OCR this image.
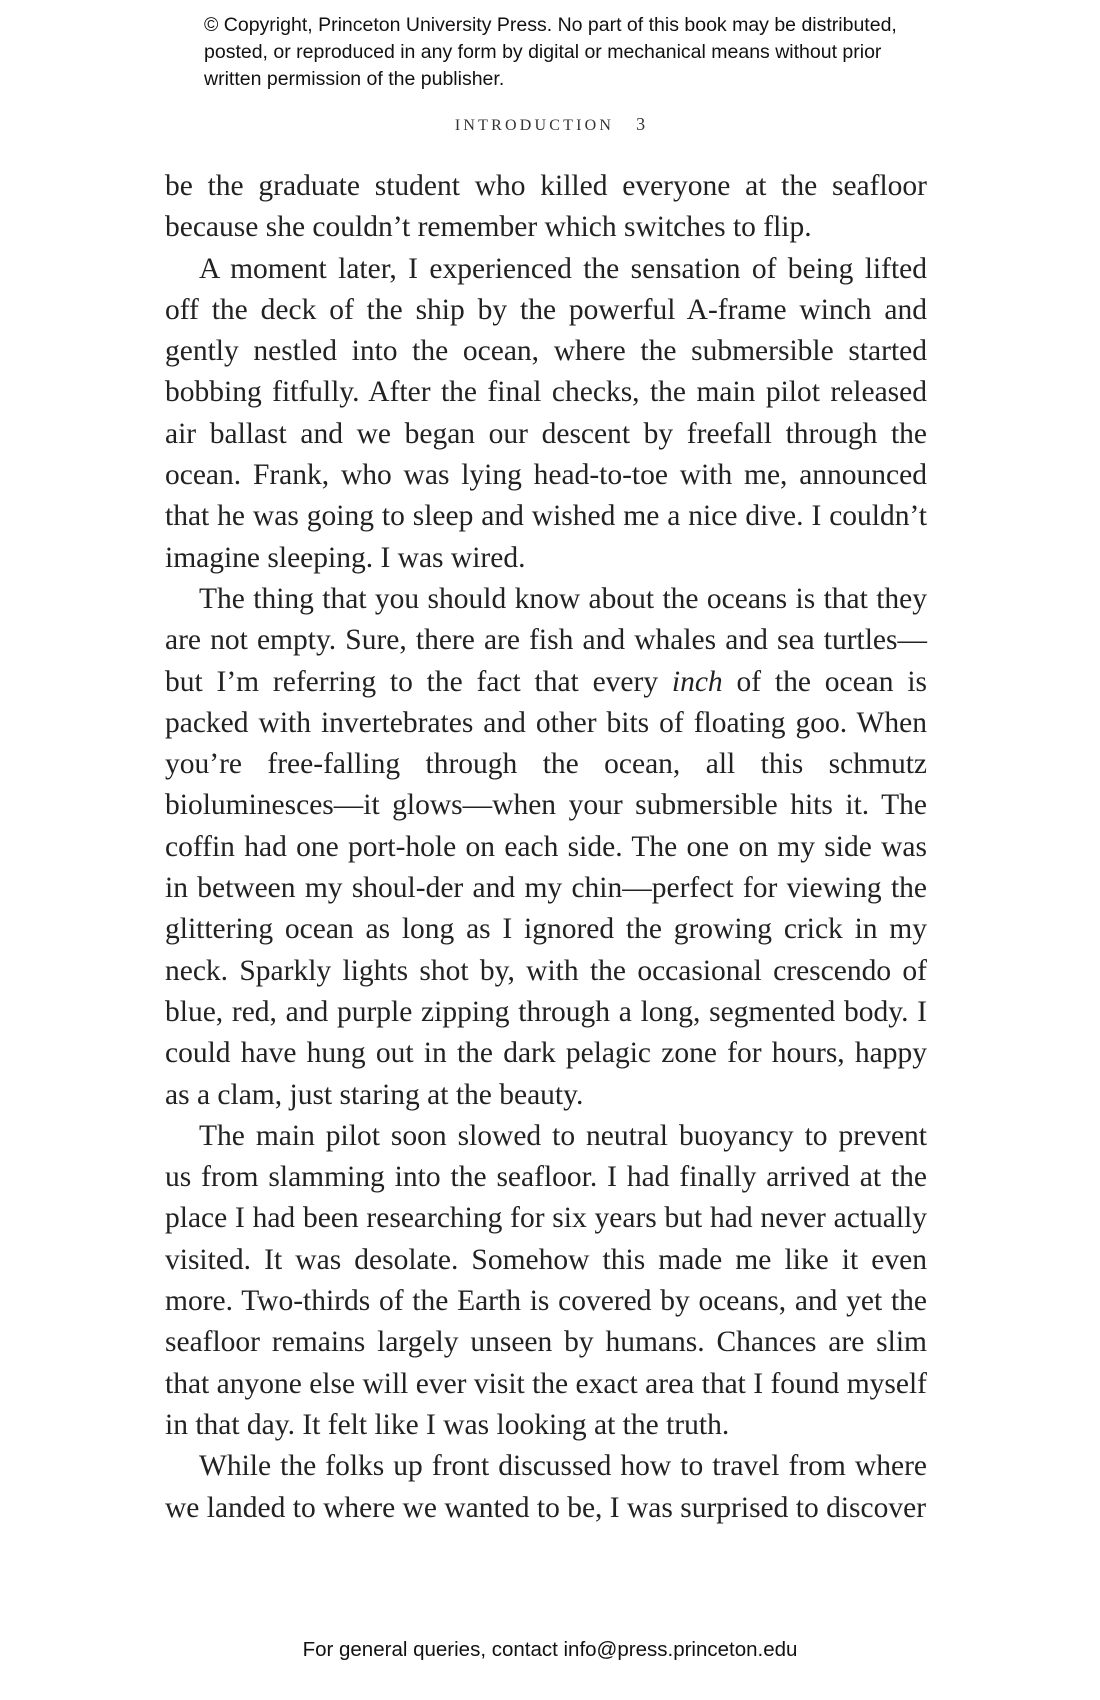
© Copyright, Princeton University Press. No part of this book may be distributed, posted, or reproduced in any form by digital or mechanical means without prior written permission of the publisher.
INTRODUCTION 3

be the graduate student who killed everyone at the seafloor because she couldn’t remember which switches to flip.

A moment later, I experienced the sensation of being lifted off the deck of the ship by the powerful A-frame winch and gently nestled into the ocean, where the submersible started bobbing fitfully. After the final checks, the main pilot released air ballast and we began our descent by freefall through the ocean. Frank, who was lying head-to-toe with me, announced that he was going to sleep and wished me a nice dive. I couldn’t imagine sleeping. I was wired.

The thing that you should know about the oceans is that they are not empty. Sure, there are fish and whales and sea turtles—but I’m referring to the fact that every inch of the ocean is packed with invertebrates and other bits of floating goo. When you’re free-falling through the ocean, all this schmutz bioluminesces—it glows—when your submersible hits it. The coffin had one port-hole on each side. The one on my side was in between my shoul-der and my chin—perfect for viewing the glittering ocean as long as I ignored the growing crick in my neck. Sparkly lights shot by, with the occasional crescendo of blue, red, and purple zipping through a long, segmented body. I could have hung out in the dark pelagic zone for hours, happy as a clam, just staring at the beauty.

The main pilot soon slowed to neutral buoyancy to prevent us from slamming into the seafloor. I had finally arrived at the place I had been researching for six years but had never actually visited. It was desolate. Somehow this made me like it even more. Two-thirds of the Earth is covered by oceans, and yet the seafloor remains largely unseen by humans. Chances are slim that anyone else will ever visit the exact area that I found myself in that day. It felt like I was looking at the truth.

While the folks up front discussed how to travel from where we landed to where we wanted to be, I was surprised to discover

For general queries, contact info@press.princeton.edu
